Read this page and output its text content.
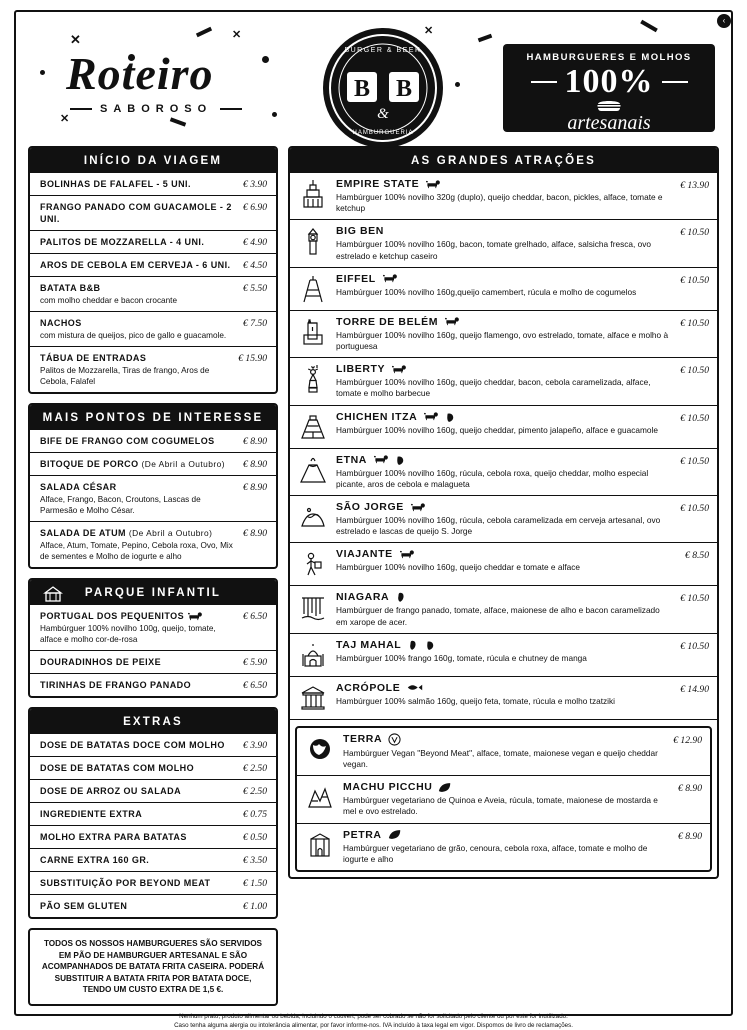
✕	✕	✕
✕
‹
Roteiro
SABOROSO
BURGER & BEER
HAMBURGUERIA
B B
&
HAMBURGUERES E MOLHOS
100%
artesanais
INÍCIO DA VIAGEM
BOLINHAS DE FALAFEL - 5 UNI.	€ 3.90
FRANGO PANADO COM GUACAMOLE - 2 UNI.
€ 6.90
PALITOS DE MOZZARELLA - 4 UNI.	€ 4.90
AROS DE CEBOLA EM CERVEJA - 6 UNI.	€ 4.50
BATATA B&B
com molho cheddar e bacon crocante
€ 5.50
NACHOS
com mistura de queijos, pico de gallo e guacamole.
€ 7.50
TÁBUA DE ENTRADAS
Palitos de Mozzarella, Tiras de frango, Aros de Cebola, Falafel
€ 15.90
MAIS PONTOS DE INTERESSE
BIFE DE FRANGO COM COGUMELOS	€ 8.90
BITOQUE DE PORCO (De Abril a Outubro)	€ 8.90
SALADA CÉSAR
Alface, Frango, Bacon, Croutons, Lascas de Parmesão e Molho César.
€ 8.90
SALADA DE ATUM (De Abril a Outubro)
Alface, Atum, Tomate, Pepino, Cebola roxa, Ovo, Mix de sementes e Molho de iogurte e alho
€ 8.90
PARQUE INFANTIL
PORTUGAL DOS PEQUENITOS
Hambúrguer 100% novilho 100g, queijo, tomate, alface e molho cor-de-rosa
€ 6.50
DOURADINHOS DE PEIXE	€ 5.90
TIRINHAS DE FRANGO PANADO	€ 6.50
EXTRAS
DOSE DE BATATAS DOCE COM MOLHO	€ 3.90
DOSE DE BATATAS COM MOLHO	€ 2.50
DOSE DE ARROZ OU SALADA	€ 2.50
INGREDIENTE EXTRA	€ 0.75
MOLHO EXTRA PARA BATATAS	€ 0.50
CARNE EXTRA 160 GR.	€ 3.50
SUBSTITUIÇÃO POR BEYOND MEAT	€ 1.50
PÃO SEM GLUTEN	€ 1.00
TODOS OS NOSSOS HAMBURGUERES SÃO SERVIDOS EM PÃO DE HAMBURGUER ARTESANAL E SÃO ACOMPANHADOS DE BATATA FRITA CASEIRA. PODERÁ SUBSTITUIR A BATATA FRITA POR BATATA DOCE, TENDO UM CUSTO EXTRA DE 1,5 €.
AS GRANDES ATRAÇÕES
EMPIRE STATE
Hambúrguer 100% novilho 320g (duplo), queijo cheddar, bacon, pickles, alface, tomate e ketchup
€ 13.90
BIG BEN
Hambúrguer 100% novilho 160g, bacon, tomate grelhado, alface, salsicha fresca, ovo estrelado e ketchup caseiro
€ 10.50
EIFFEL
Hambúrguer 100% novilho 160g,queijo camembert, rúcula e molho de cogumelos
€ 10.50
TORRE DE BELÉM
Hambúrguer 100% novilho 160g, queijo flamengo, ovo estrelado, tomate, alface e molho à portuguesa
€ 10.50
LIBERTY
Hambúrguer 100% novilho 160g, queijo cheddar, bacon, cebola caramelizada, alface, tomate e molho barbecue
€ 10.50
CHICHEN ITZA
Hambúrguer 100% novilho 160g, queijo cheddar, pimento jalapeño, alface e guacamole
€ 10.50
ETNA
Hambúrguer 100% novilho 160g, rúcula, cebola roxa, queijo cheddar, molho especial picante, aros de cebola e malagueta
€ 10.50
SÃO JORGE
Hambúrguer 100% novilho 160g, rúcula, cebola caramelizada em cerveja artesanal, ovo estrelado e lascas de queijo S. Jorge
€ 10.50
VIAJANTE
Hambúrguer 100% novilho 160g, queijo cheddar e tomate e alface
€ 8.50
NIAGARA
Hambúrguer de frango panado, tomate, alface, maionese de alho e bacon caramelizado em xarope de acer.
€ 10.50
TAJ MAHAL
Hambúrguer 100% frango 160g, tomate, rúcula e chutney de manga
€ 10.50
ACRÓPOLE
Hambúrguer 100% salmão 160g, queijo feta, tomate, rúcula e molho tzatziki
€ 14.90
TERRA
Hambúrguer Vegan "Beyond Meat", alface, tomate, maionese vegan e queijo cheddar vegan.
€ 12.90
MACHU PICCHU
Hambúrguer vegetariano de Quinoa e Aveia, rúcula, tomate, maionese de mostarda e mel e ovo estrelado.
€ 8.90
PETRA
Hambúrguer vegetariano de grão, cenoura, cebola roxa, alface, tomate e molho de iogurte e alho
€ 8.90
Nenhum prato, produto alimentar ou bebida, incluindo o couvert, pode ser cobrado se não for solicitado pelo cliente ou por este for inutilizado.
Caso tenha alguma alergia ou intolerância alimentar, por favor informe-nos. IVA incluído à taxa legal em vigor. Dispomos de livro de reclamações.
